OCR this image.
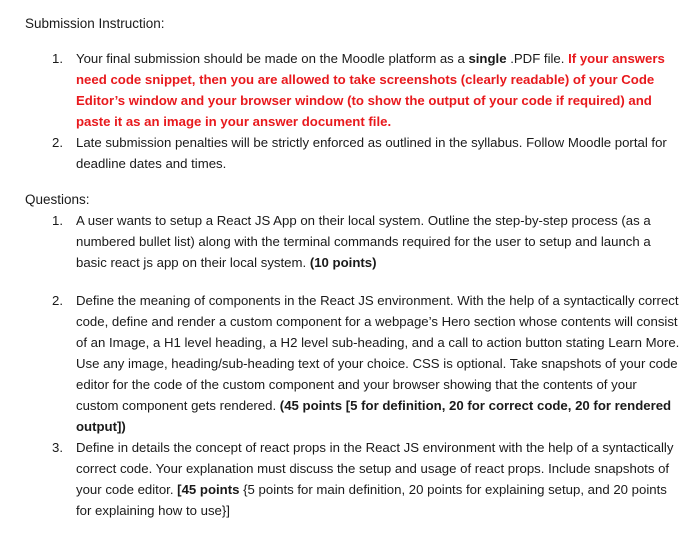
Submission Instruction:
1. Your final submission should be made on the Moodle platform as a single .PDF file. If your answers need code snippet, then you are allowed to take screenshots (clearly readable) of your Code Editor’s window and your browser window (to show the output of your code if required) and paste it as an image in your answer document file.
2. Late submission penalties will be strictly enforced as outlined in the syllabus. Follow Moodle portal for deadline dates and times.
Questions:
1. A user wants to setup a React JS App on their local system. Outline the step-by-step process (as a numbered bullet list) along with the terminal commands required for the user to setup and launch a basic react js app on their local system. (10 points)
2. Define the meaning of components in the React JS environment. With the help of a syntactically correct code, define and render a custom component for a webpage’s Hero section whose contents will consist of an Image, a H1 level heading, a H2 level sub-heading, and a call to action button stating Learn More. Use any image, heading/sub-heading text of your choice. CSS is optional. Take snapshots of your code editor for the code of the custom component and your browser showing that the contents of your custom component gets rendered. (45 points [5 for definition, 20 for correct code, 20 for rendered output])
3. Define in details the concept of react props in the React JS environment with the help of a syntactically correct code. Your explanation must discuss the setup and usage of react props. Include snapshots of your code editor. [45 points {5 points for main definition, 20 points for explaining setup, and 20 points for explaining how to use}]
